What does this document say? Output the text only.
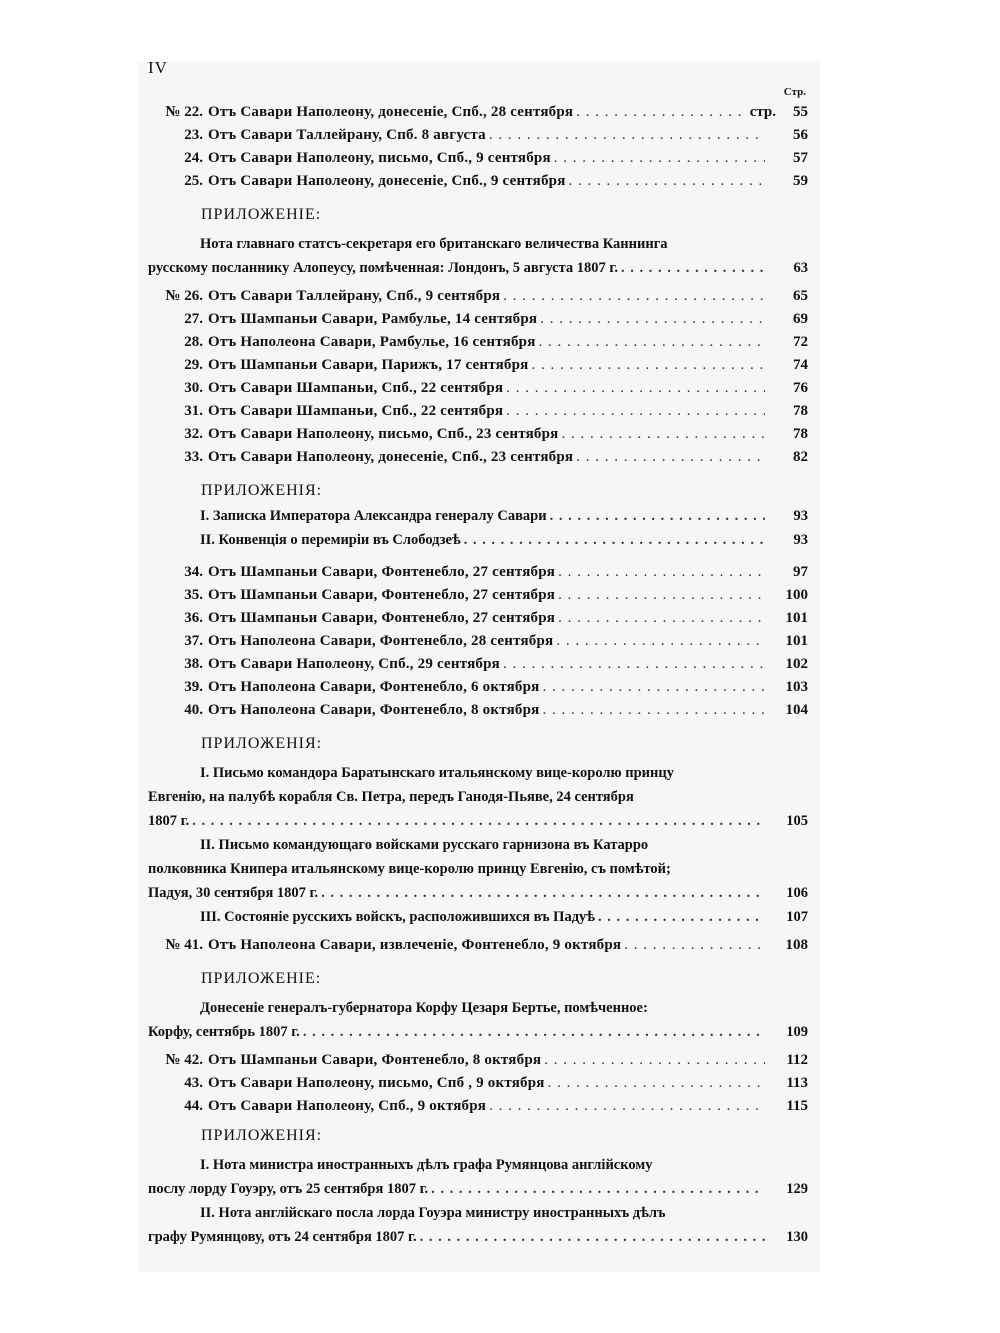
IV
Стр.
№ 22. Отъ Савари Наполеону, донесеніе, Спб., 28 сентября . . .	стр.	55
23. Отъ Савари Таллейрану, Спб. 8 августа . . .	56
24. Отъ Савари Наполеону, письмо, Спб., 9 сентября . . .	57
25. Отъ Савари Наполеону, донесеніе, Спб., 9 сентября . . .	59
ПРИЛОЖЕНІЕ:
Нота главнаго статсъ-секретаря его британскаго величества Каннинга
русскому посланнику Алопеусу, помѣченная: Лондонъ, 5 августа 1807 г. . . .	63
№ 26. Отъ Савари Таллейрану, Спб., 9 сентября . . .	65
27. Отъ Шампаньи Савари, Рамбулье, 14 сентября . . .	69
28. Отъ Наполеона Савари, Рамбулье, 16 сентября . . .	72
29. Отъ Шампаньи Савари, Парижъ, 17 сентября . . .	74
30. Отъ Савари Шампаньи, Спб., 22 сентября . . .	76
31. Отъ Савари Шампаньи, Спб., 22 сентября . . .	78
32. Отъ Савари Наполеону, письмо, Спб., 23 сентября . . .	78
33. Отъ Савари Наполеону, донесеніе, Спб., 23 сентября . . .	82
ПРИЛОЖЕНІЯ:
I. Записка Императора Александра генералу Савари . . .	93
II. Конвенція о перемиріи въ Слободзеѣ . . .	93
34. Отъ Шампаньи Савари, Фонтенебло, 27 сентября . . .	97
35. Отъ Шампаньи Савари, Фонтенебло, 27 сентября . . .	100
36. Отъ Шампаньи Савари, Фонтенебло, 27 сентября . . .	101
37. Отъ Наполеона Савари, Фонтенебло, 28 сентября . . .	101
38. Отъ Савари Наполеону, Спб., 29 сентября . . .	102
39. Отъ Наполеона Савари, Фонтенебло, 6 октября . . .	103
40. Отъ Наполеона Савари, Фонтенебло, 8 октября . . .	104
ПРИЛОЖЕНІЯ:
I. Письмо командора Баратынскаго итальянскому вице-королю принцу
Евгенію, на палубѣ корабля Св. Петра, передъ Ганодя-Пьяве, 24 сентября
1807 г. . . .	105
II. Письмо командующаго войсками русскаго гарнизона въ Катарро
полковника Книпера итальянскому вице-королю принцу Евгенію, съ помѣтой;
Падуя, 30 сентября 1807 г. . . .	106
III. Состояніе русскихъ войскъ, расположившихся въ Падуѣ . . .	107
№ 41. Отъ Наполеона Савари, извлеченіе, Фонтенебло, 9 октября . . .	108
ПРИЛОЖЕНІЕ:
Донесеніе генералъ-губернатора Корфу Цезаря Бертье, помѣченное:
Корфу, сентябрь 1807 г. . . .	109
№ 42. Отъ Шампаньи Савари, Фонтенебло, 8 октября . . .	112
43. Отъ Савари Наполеону, письмо, Спб , 9 октября . . .	113
44. Отъ Савари Наполеону, Спб., 9 октября . . .	115
ПРИЛОЖЕНІЯ:
I. Нота министра иностранныхъ дѣлъ графа Румянцова англійскому
послу лорду Гоуэру, отъ 25 сентября 1807 г. . . .	129
II. Нота англійскаго посла лорда Гоуэра министру иностранныхъ дѣлъ
графу Румянцову, отъ 24 сентября 1807 г. . . .	130
